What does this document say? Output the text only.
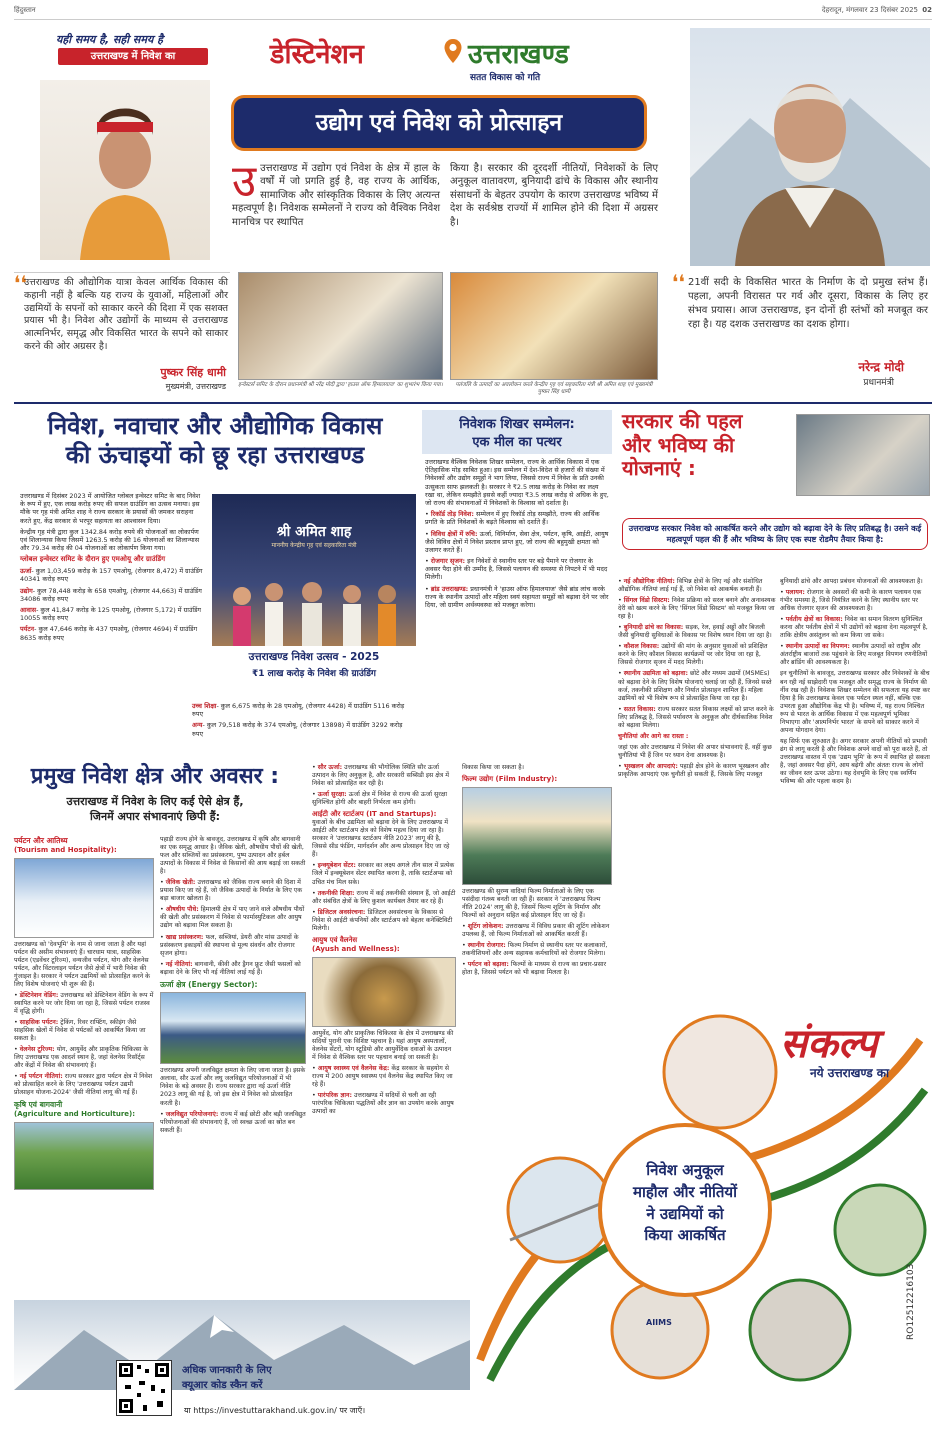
हिंदुस्तान	देहरादून, मंगलवार 23 दिसंबर 2025 02
यही समय है, सही समय है
उत्तराखण्ड में निवेश का	डेस्टिनेशन	उत्तराखण्ड
सतत विकास को गति
उद्योग एवं निवेश को प्रोत्साहन
उ उत्तराखण्ड में उद्योग एवं निवेश के क्षेत्र में हाल के वर्षों में जो प्रगति हुई है, वह राज्य के आर्थिक, सामाजिक और सांस्कृतिक विकास के लिए अत्यन्त महत्वपूर्ण है। निवेशक सम्मेलनों ने राज्य को वैश्विक निवेश मानचित्र पर स्थापित
किया है। सरकार की दूरदर्शी नीतियों, निवेशकों के लिए अनुकूल वातावरण, बुनियादी ढांचे के विकास और स्थानीय संसाधनों के बेहतर उपयोग के कारण उत्तराखण्ड भविष्य में देश के सर्वश्रेष्ठ राज्यों में शामिल होने की दिशा में अग्रसर है।
❛❛
उत्तराखण्ड की औद्योगिक यात्रा केवल आर्थिक विकास की कहानी नहीं है बल्कि यह राज्य के युवाओं, महिलाओं और उद्यमियों के सपनों को साकार करने की दिशा में एक सशक्त प्रयास भी है। निवेश और उद्योगों के माध्यम से उत्तराखण्ड आत्मनिर्भर, समृद्ध और विकसित भारत के सपने को साकार करने की ओर अग्रसर है।
पुष्कर सिंह धामी
मुख्यमंत्री, उत्तराखण्ड इन्वेस्टर्स समिट के दौरान प्रधानमंत्री श्री नरेंद्र मोदी द्वारा 'हाउस ऑफ हिमालयाज' का शुभारंभ किया गया।	पतंजलि के उत्पादों का अवलोकन करते केन्द्रीय गृह एवं सहकारिता मंत्री श्री अमित शाह एवं मुख्यमंत्री पुष्कर सिंह धामी
❛❛ 21वीं सदी के विकसित भारत के निर्माण के दो प्रमुख स्तंभ हैं। पहला, अपनी विरासत पर गर्व और दूसरा, विकास के लिए हर संभव प्रयास। आज उत्तराखण्ड, इन दोनों ही स्तंभों को मजबूत कर रहा है। यह दशक उत्तराखण्ड का दशक होगा।
नरेन्द्र मोदी
प्रधानमंत्री
निवेश, नवाचार और औद्योगिक विकास
की ऊंचाइयों को छू रहा उत्तराखण्ड

उत्तराखण्ड में दिसंबर 2023 में आयोजित ग्लोबल इन्वेस्टर समिट के बाद निवेश के रूप में हुए, एक लाख करोड़ रुपए की सफल ग्राउंडिंग का उत्सव मनाया। इस मौके पर गृह मंत्री अमित शाह ने राज्य सरकार के प्रयासों की जमकर सराहना करते हुए, केंद्र सरकार से भरपूर सहायता का आश्वासन दिया।

केन्द्रीय गृह मंत्री द्वारा कुल 1342.84 करोड़ रुपये की योजनाओं का लोकार्पण एवं शिलान्यास किया जिसमें 1263.5 करोड़ की 16 योजनाओं का शिलान्यास और 79.34 करोड़ की 04 योजनाओं का लोकार्पण किया गया।

ग्लोबल इन्वेस्टर समिट के दौरान हुए एमओयू और ग्राउंडिंग

ऊर्जा- कुल 1,03,459 करोड़ के 157 एमओयू, (रोजगार 8,472) में ग्राउंडिंग 40341 करोड़ रुपए

उद्योग- कुल 78,448 करोड़ के 658 एमओयू, (रोजगार 44,663) में ग्राउंडिंग 34086 करोड़ रुपए

आवास- कुल 41,847 करोड़ के 125 एमओयू, (रोजगार 5,172) में ग्राउंडिंग 10055 करोड़ रुपए

पर्यटन- कुल 47,646 करोड़ के 437 एमओयू, (रोजगार 4694) में ग्राउंडिंग 8635 करोड़ रुपए

श्री अमित शाह
माननीय केन्द्रीय गृह एवं सहकारिता मंत्री
उत्तराखण्ड निवेश उत्सव - 2025
₹1 लाख करोड़ के निवेश की ग्राउंडिंग

उच्च शिक्षा- कुल 6,675 करोड़ के 28 एमओयू, (रोजगार 4428) में ग्राउंडिंग 5116 करोड़ रुपए

अन्य- कुल 79,518 करोड़ के 374 एमओयू, (रोजगार 13898) में ग्राउंडिंग 3292 करोड़ रुपए

निवेशक शिखर सम्मेलन:
एक मील का पत्थर

उत्तराखण्ड वैश्विक निवेशक शिखर सम्मेलन, राज्य के आर्थिक विकास में एक ऐतिहासिक मोड़ साबित हुआ। इस सम्मेलन में देश-विदेश से हजारों की संख्या में निवेशकों और उद्योग समूहों ने भाग लिया, जिससे राज्य में निवेश के प्रति उनकी उत्सुकता साफ झलकती है। सरकार ने ₹2.5 लाख करोड़ के निवेश का लक्ष्य रखा था, लेकिन समझौते इससे कहीं ज्यादा ₹3.5 लाख करोड़ से अधिक के हुए, जो राज्य की संभावनाओं में निवेशकों के विश्वास को दर्शाता है।

• रिकॉर्ड तोड़ निवेश: सम्मेलन में हुए रिकॉर्ड तोड़ समझौते, राज्य की आर्थिक प्रगति के प्रति निवेशकों के बढ़ते विश्वास को दर्शाते हैं।

• विविध क्षेत्रों में रुचि: ऊर्जा, विनिर्माण, सेवा क्षेत्र, पर्यटन, कृषि, आईटी, आयुष जैसे विविध क्षेत्रों में निवेश प्रस्ताव प्राप्त हुए, जो राज्य की बहुमुखी क्षमता को उजागर करते हैं।

• रोजगार सृजन: इन निवेशों से स्थानीय स्तर पर बड़े पैमाने पर रोजगार के अवसर पैदा होने की उम्मीद है, जिससे पलायन की समस्या से निपटने में भी मदद मिलेगी।

• ब्रांड उत्तराखण्ड: प्रधानमंत्री ने 'हाउस ऑफ हिमालयाज' जैसे ब्रांड लांच करके राज्य के स्थानीय उत्पादों और महिला स्वयं सहायता समूहों को बढ़ावा देने पर जोर दिया, जो ग्रामीण अर्थव्यवस्था को मजबूत करेगा।

सरकार की पहल
और भविष्य की
योजनाएं :
उत्तराखण्ड सरकार निवेश को आकर्षित करने और उद्योग को बढ़ावा देने के लिए प्रतिबद्ध है। उसने कई महत्वपूर्ण पहल की हैं और भविष्य के लिए एक स्पष्ट रोडमैप तैयार किया है:

• नई औद्योगिक नीतियां: विभिन्न क्षेत्रों के लिए नई और संशोधित औद्योगिक नीतियां लाई गई हैं, जो निवेश को आकर्षक बनाती हैं।

• सिंगल विंडो सिस्टम: निवेश प्रक्रिया को सरल बनाने और अनावश्यक देरी को खत्म करने के लिए 'सिंगल विंडो सिस्टम' को मजबूत किया जा रहा है।

• बुनियादी ढांचे का विकास: सड़क, रेल, हवाई अड्डों और बिजली जैसी बुनियादी सुविधाओं के विकास पर विशेष ध्यान दिया जा रहा है।

• कौशल विकास: उद्योगों की मांग के अनुसार युवाओं को प्रशिक्षित करने के लिए कौशल विकास कार्यक्रमों पर जोर दिया जा रहा है, जिससे रोजगार सृजन में मदद मिलेगी।

• स्थानीय उद्यमिता को बढ़ावा: छोटे और मध्यम उद्यमों (MSMEs) को बढ़ावा देने के लिए विशेष योजनाएं चलाई जा रही हैं, जिनसे सस्ते कर्ज, तकनीकी प्रशिक्षण और निर्यात प्रोत्साहन शामिल हैं। महिला उद्यमियों को भी विशेष रूप से प्रोत्साहित किया जा रहा है।

• सतत विकास: राज्य सरकार सतत विकास लक्ष्यों को प्राप्त करने के लिए प्रतिबद्ध है, जिससे पर्यावरण के अनुकूल और दीर्घकालिक निवेश को बढ़ावा मिलेगा।

चुनौतियां और आगे का रास्ता :

जहां एक ओर उत्तराखण्ड में निवेश की अपार संभावनाएं हैं, वहीं कुछ चुनौतियां भी हैं जिन पर ध्यान देना आवश्यक है।

• भूस्खलन और आपदाएं: पहाड़ी क्षेत्र होने के कारण भूस्खलन और प्राकृतिक आपदाएं एक चुनौती हो सकती हैं, जिसके लिए मजबूत

बुनियादी ढांचे और आपदा प्रबंधन योजनाओं की आवश्यकता है।

• पलायन: रोजगार के अवसरों की कमी के कारण पलायन एक गंभीर समस्या है, जिसे नियंत्रित करने के लिए स्थानीय स्तर पर अधिक रोजगार सृजन की आवश्यकता है।

• पर्वतीय क्षेत्रों का विकास: निवेश का समान वितरण सुनिश्चित करना और पर्वतीय क्षेत्रों में भी उद्योगों को बढ़ावा देना महत्वपूर्ण है, ताकि क्षेत्रीय असंतुलन को कम किया जा सके।

• स्थानीय उत्पादों का विपणन: स्थानीय उत्पादों को राष्ट्रीय और अंतर्राष्ट्रीय बाजारों तक पहुंचाने के लिए मजबूत विपणन रणनीतियों और ब्रांडिंग की आवश्यकता है।

इन चुनौतियों के बावजूद, उत्तराखण्ड सरकार और निवेशकों के बीच बन रही नई साझेदारी एक मजबूत और समृद्ध राज्य के निर्माण की नींव रख रही है। निवेशक शिखर सम्मेलन की सफलता यह स्पष्ट कर दिया है कि उत्तराखण्ड केवल एक पर्यटन स्थल नहीं, बल्कि एक उभरता हुआ औद्योगिक केंद्र भी है। भविष्य में, यह राज्य निश्चित रूप से भारत के आर्थिक विकास में एक महत्वपूर्ण भूमिका निभाएगा और 'आत्मनिर्भर भारत' के सपने को साकार करने में अपना योगदान देगा।

यह सिर्फ एक शुरुआत है। अगर सरकार अपनी नीतियों को प्रभावी ढंग से लागू करती है और निवेशक अपने वादों को पूरा करते हैं, तो उत्तराखण्ड वास्तव में एक 'उद्यम भूमि' के रूप में स्थापित हो सकता है, जहां अवसर पैदा होंगे, आय बढ़ेगी और अंततः राज्य के लोगों का जीवन स्तर ऊपर उठेगा। यह देवभूमि के लिए एक स्वर्णिम भविष्य की ओर पहला कदम है।

प्रमुख निवेश क्षेत्र और अवसर :
उत्तराखण्ड में निवेश के लिए कई ऐसे क्षेत्र हैं,
जिनमें अपार संभावनाएं छिपी हैं:
पर्यटन और आतिथ्य
(Tourism and Hospitality):

उत्तराखण्ड को 'देवभूमि' के नाम से जाना जाता है और यहां पर्यटन की असीम संभावनाएं हैं। चारधाम यात्रा, साहसिक पर्यटन (एडवेंचर टूरिज्म), वन्यजीव पर्यटन, योग और वेलनेस पर्यटन, और विंटरलाइन पर्यटन जैसे क्षेत्रों में भारी निवेश की गुंजाइश है। सरकार ने पर्यटन उद्यमियों को प्रोत्साहित करने के लिए विशेष योजनाएं भी शुरू की हैं।

• डेस्टिनेशन वेडिंग: उत्तराखण्ड को डेस्टिनेशन वेडिंग के रूप में स्थापित करने पर जोर दिया जा रहा है, जिससे पर्यटन राजस्व में वृद्धि होगी।

• साहसिक पर्यटन: ट्रेकिंग, रिवर राफ्टिंग, स्कीइंग जैसे साहसिक खेलों में निवेश से पर्यटकों को आकर्षित किया जा सकता है।

• वेलनेस टूरिज्म: योग, आयुर्वेद और प्राकृतिक चिकित्सा के लिए उत्तराखण्ड एक आदर्श स्थान है, जहां वेलनेस रिसॉर्ट्स और केंद्रों में निवेश की संभावनाएं हैं।

• नई पर्यटन नीतियां: राज्य सरकार द्वारा पर्यटन क्षेत्र में निवेश को प्रोत्साहित करने के लिए 'उत्तराखण्ड पर्यटन उद्यमी प्रोत्साहन योजना-2024' जैसी नीतियां लागू की गई हैं।

कृषि एवं बागवानी
(Agriculture and Horticulture):

पहाड़ी राज्य होने के बावजूद, उत्तराखण्ड में कृषि और बागवानी का एक समृद्ध आधार है। जैविक खेती, औषधीय पौधों की खेती, फल और सब्जियों का प्रसंस्करण, पुष्प उत्पादन और हर्बल उत्पादों के विकास में निवेश से किसानों की आय बढ़ाई जा सकती है।

• जैविक खेती: उत्तराखण्ड को जैविक राज्य बनाने की दिशा में प्रयास किए जा रहे हैं, जो जैविक उत्पादों के निर्यात के लिए एक बड़ा बाजार खोलता है।

• औषधीय पौधे: हिमालयी क्षेत्र में पाए जाने वाले औषधीय पौधों की खेती और प्रसंस्करण में निवेश से फार्मास्युटिकल और आयुष उद्योग को बढ़ावा मिल सकता है।

• खाद्य प्रसंस्करण: फल, सब्जियां, डेयरी और मांस उत्पादों के प्रसंस्करण इकाइयों की स्थापना से मूल्य संवर्धन और रोजगार सृजन होगा।

• नई नीतियां: बागवानी, कीवी और ड्रैगन फ्रूट जैसी फसलों को बढ़ावा देने के लिए भी नई नीतियां लाई गई हैं।

ऊर्जा क्षेत्र (Energy Sector):

उत्तराखण्ड अपनी जलविद्युत क्षमता के लिए जाना जाता है। इसके अलावा, सौर ऊर्जा और लघु जलविद्युत परियोजनाओं में भी निवेश के बड़े अवसर हैं। राज्य सरकार द्वारा नई ऊर्जा नीति 2023 लागू की गई है, जो इस क्षेत्र में निवेश को प्रोत्साहित करती है।

• जलविद्युत परियोजनाएं: राज्य में कई छोटी और बड़ी जलविद्युत परियोजनाओं की संभावनाएं हैं, जो स्वच्छ ऊर्जा का स्रोत बन सकती हैं।

• सौर ऊर्जा: उत्तराखण्ड की भौगोलिक स्थिति सौर ऊर्जा उत्पादन के लिए अनुकूल है, और सरकारी सब्सिडी इस क्षेत्र में निवेश को प्रोत्साहित कर रही है।

• ऊर्जा सुरक्षा: ऊर्जा क्षेत्र में निवेश से राज्य की ऊर्जा सुरक्षा सुनिश्चित होगी और बाहरी निर्भरता कम होगी।

आईटी और स्टार्टअप (IT and Startups):

युवाओं के बीच उद्यमिता को बढ़ावा देने के लिए उत्तराखण्ड में आईटी और स्टार्टअप क्षेत्र को विशेष महत्व दिया जा रहा है। सरकार ने 'उत्तराखण्ड स्टार्टअप नीति 2023' लागू की है, जिससे सीड फंडिंग, मार्गदर्शन और अन्य प्रोत्साहन दिए जा रहे हैं।

• इन्क्यूबेशन सेंटर: सरकार का लक्ष्य अगले तीन साल में प्रत्येक जिले में इन्क्यूबेशन सेंटर स्थापित करना है, ताकि स्टार्टअप्स को उचित मंच मिल सके।

• तकनीकी शिक्षा: राज्य में कई तकनीकी संस्थान हैं, जो आईटी और संबंधित क्षेत्रों के लिए कुशल कार्यबल तैयार कर रहे हैं।

• डिजिटल अवसंरचना: डिजिटल अवसंरचना के विकास से निवेश से आईटी कंपनियों और स्टार्टअप को बेहतर कनेक्टिविटी मिलेगी।

आयुष एवं वैलनेस
(Ayush and Wellness):

आयुर्वेद, योग और प्राकृतिक चिकित्सा के क्षेत्र में उत्तराखण्ड की सदियों पुरानी एक विशिष्ट पहचान है। यहां आयुष अस्पतालों, वेलनेस सेंटरों, योग स्टूडियो और आयुर्वेदिक दवाओं के उत्पादन में निवेश से वैश्विक स्तर पर पहचान बनाई जा सकती है।

• आयुष स्वास्थ्य एवं वैलनेस केंद्र: केंद्र सरकार के सहयोग से राज्य में 200 आयुष स्वास्थ्य एवं वैलनेस केंद्र स्थापित किए जा रहे हैं।

• पारंपरिक ज्ञान: उत्तराखण्ड में सदियों से चली आ रही पारंपरिक चिकित्सा पद्धतियों और ज्ञान का उपयोग करके आयुष उत्पादों का

विकास किया जा सकता है।

फिल्म उद्योग (Film Industry):

उत्तराखण्ड की सुरम्य वादियां फिल्म निर्माताओं के लिए एक पसंदीदा गंतव्य बनती जा रही हैं। सरकार ने 'उत्तराखण्ड फिल्म नीति 2024' लागू की है, जिसमें फिल्म शूटिंग के निर्माण और फिल्मों को अनुदान सहित कई प्रोत्साहन दिए जा रहे हैं।

• शूटिंग लोकेशन: उत्तराखण्ड में विविध प्रकार की शूटिंग लोकेशन उपलब्ध हैं, जो फिल्म निर्माताओं को आकर्षित करती हैं।

• स्थानीय रोजगार: फिल्म निर्माण से स्थानीय स्तर पर कलाकारों, तकनीशियनों और अन्य सहायक कर्मचारियों को रोजगार मिलेगा।

• पर्यटन को बढ़ावा: फिल्मों के माध्यम से राज्य का प्रचार-प्रसार होता है, जिससे पर्यटन को भी बढ़ावा मिलता है।

संकल्प
नये उत्तराखण्ड का
निवेश अनुकूल
माहौल और नीतियों
ने उद्यमियों को
किया आकर्षित
AIIMS
अधिक जानकारी के लिए
क्यूआर कोड स्कैन करें
या https://investuttarakhand.uk.gov.in/ पर जाएँ।
RO12512216103
